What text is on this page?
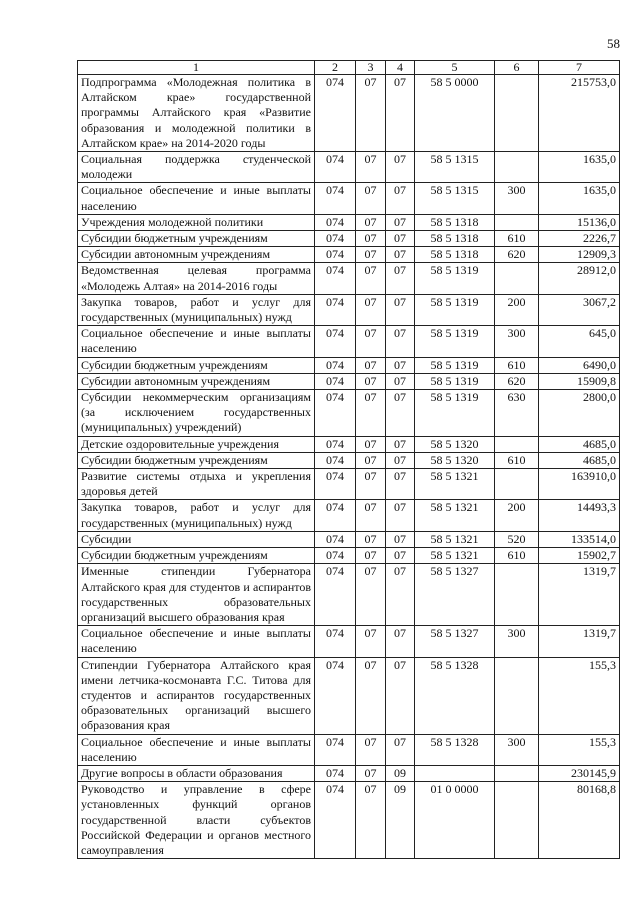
58
1	2	3	4	5	6	7
Подпрограмма «Молодежная политика в Алтайском крае» государственной программы Алтайского края «Развитие образования и молодежной политики в Алтайском крае» на 2014-2020 годы	074	07	07	58 5 0000		215753,0
Социальная поддержка студенческой молодежи	074	07	07	58 5 1315		1635,0
Социальное обеспечение и иные выплаты населению	074	07	07	58 5 1315	300	1635,0
Учреждения молодежной политики	074	07	07	58 5 1318		15136,0
Субсидии бюджетным учреждениям	074	07	07	58 5 1318	610	2226,7
Субсидии автономным учреждениям	074	07	07	58 5 1318	620	12909,3
Ведомственная целевая программа «Молодежь Алтая» на 2014-2016 годы	074	07	07	58 5 1319		28912,0
Закупка товаров, работ и услуг для государственных (муниципальных) нужд	074	07	07	58 5 1319	200	3067,2
Социальное обеспечение и иные выплаты населению	074	07	07	58 5 1319	300	645,0
Субсидии бюджетным учреждениям	074	07	07	58 5 1319	610	6490,0
Субсидии автономным учреждениям	074	07	07	58 5 1319	620	15909,8
Субсидии некоммерческим организациям (за исключением государственных (муниципальных) учреждений)	074	07	07	58 5 1319	630	2800,0
Детские оздоровительные учреждения	074	07	07	58 5 1320		4685,0
Субсидии бюджетным учреждениям	074	07	07	58 5 1320	610	4685,0
Развитие системы отдыха и укрепления здоровья детей	074	07	07	58 5 1321		163910,0
Закупка товаров, работ и услуг для государственных (муниципальных) нужд	074	07	07	58 5 1321	200	14493,3
Субсидии	074	07	07	58 5 1321	520	133514,0
Субсидии бюджетным учреждениям	074	07	07	58 5 1321	610	15902,7
Именные стипендии Губернатора Алтайского края для студентов и аспирантов государственных образовательных организаций высшего образования края	074	07	07	58 5 1327		1319,7
Социальное обеспечение и иные выплаты населению	074	07	07	58 5 1327	300	1319,7
Стипендии Губернатора Алтайского края имени летчика-космонавта Г.С. Титова для студентов и аспирантов государственных образовательных организаций высшего образования края	074	07	07	58 5 1328		155,3
Социальное обеспечение и иные выплаты населению	074	07	07	58 5 1328	300	155,3
Другие вопросы в области образования	074	07	09			230145,9
Руководство и управление в сфере установленных функций органов государственной власти субъектов Российской Федерации и органов местного самоуправления	074	07	09	01 0 0000		80168,8
